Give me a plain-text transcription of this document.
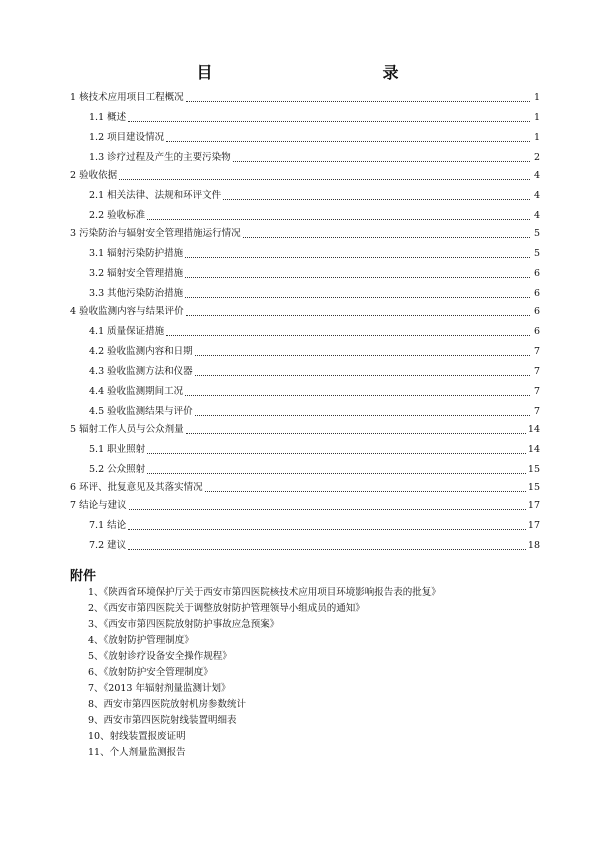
目　　录
1 核技术应用项目工程概况	1
1.1 概述	1
1.2 项目建设情况	1
1.3 诊疗过程及产生的主要污染物	2
2 验收依据	4
2.1 相关法律、法规和环评文件	4
2.2 验收标准	4
3 污染防治与辐射安全管理措施运行情况	5
3.1 辐射污染防护措施	5
3.2 辐射安全管理措施	6
3.3 其他污染防治措施	6
4 验收监测内容与结果评价	6
4.1 质量保证措施	6
4.2 验收监测内容和日期	7
4.3 验收监测方法和仪器	7
4.4 验收监测期间工况	7
4.5 验收监测结果与评价	7
5 辐射工作人员与公众剂量	14
5.1 职业照射	14
5.2 公众照射	15
6 环评、批复意见及其落实情况	15
7 结论与建议	17
7.1 结论	17
7.2 建议	18
附件
1、《陕西省环境保护厅关于西安市第四医院核技术应用项目环境影响报告表的批复》
2、《西安市第四医院关于调整放射防护管理领导小组成员的通知》
3、《西安市第四医院放射防护事故应急预案》
4、《放射防护管理制度》
5、《放射诊疗设备安全操作规程》
6、《放射防护安全管理制度》
7、《2013 年辐射剂量监测计划》
8、西安市第四医院放射机房参数统计
9、西安市第四医院射线装置明细表
10、射线装置报废证明
11、个人剂量监测报告
